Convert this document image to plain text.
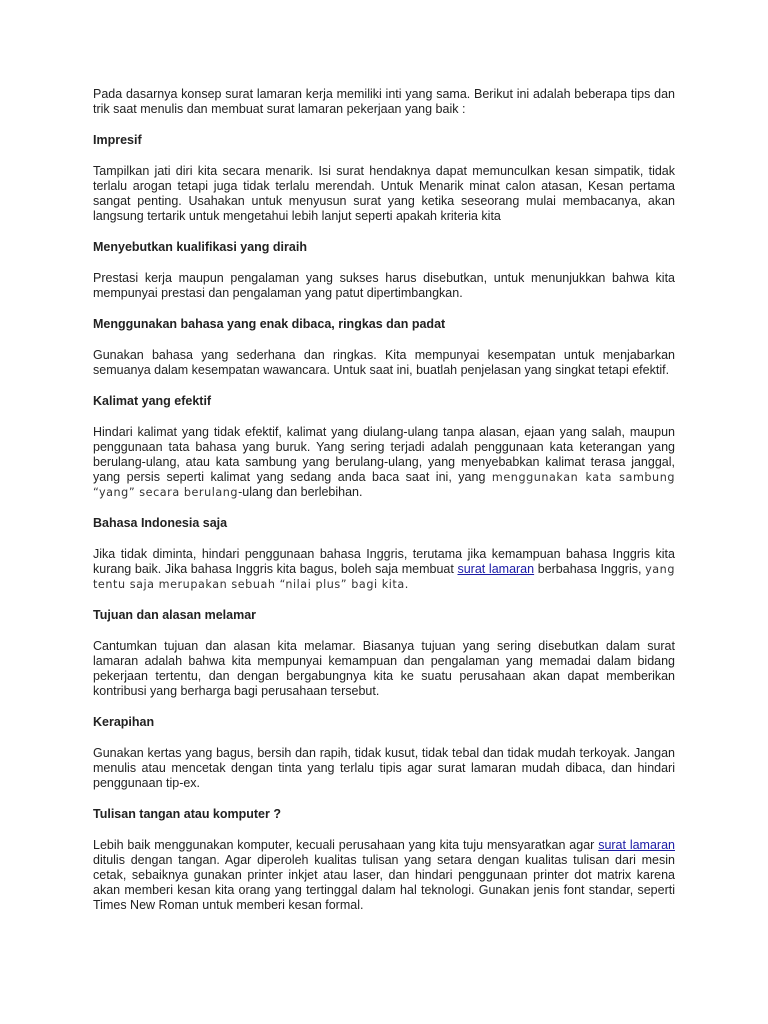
Pada dasarnya konsep surat lamaran kerja memiliki inti yang sama. Berikut ini adalah beberapa tips dan trik saat menulis dan membuat surat lamaran pekerjaan yang baik :

Impresif

Tampilkan jati diri kita secara menarik. Isi surat hendaknya dapat memunculkan kesan simpatik, tidak terlalu arogan tetapi juga tidak terlalu merendah. Untuk Menarik minat calon atasan, Kesan pertama sangat penting. Usahakan untuk menyusun surat yang ketika seseorang mulai membacanya, akan langsung tertarik untuk mengetahui lebih lanjut seperti apakah kriteria kita

Menyebutkan kualifikasi yang diraih

Prestasi kerja maupun pengalaman yang sukses harus disebutkan, untuk menunjukkan bahwa kita mempunyai prestasi dan pengalaman yang patut dipertimbangkan.

Menggunakan bahasa yang enak dibaca, ringkas dan padat

Gunakan bahasa yang sederhana dan ringkas. Kita mempunyai kesempatan untuk menjabarkan semuanya dalam kesempatan wawancara. Untuk saat ini, buatlah penjelasan yang singkat tetapi efektif.

Kalimat yang efektif

Hindari kalimat yang tidak efektif, kalimat yang diulang-ulang tanpa alasan, ejaan yang salah, maupun penggunaan tata bahasa yang buruk. Yang sering terjadi adalah penggunaan kata keterangan yang berulang-ulang, atau kata sambung yang berulang-ulang, yang menyebabkan kalimat terasa janggal, yang persis seperti kalimat yang sedang anda baca saat ini, yang menggunakan kata sambung “yang” secara berulang-ulang dan berlebihan.

Bahasa Indonesia saja

Jika tidak diminta, hindari penggunaan bahasa Inggris, terutama jika kemampuan bahasa Inggris kita kurang baik. Jika bahasa Inggris kita bagus, boleh saja membuat surat lamaran berbahasa Inggris, yang tentu saja merupakan sebuah “nilai plus” bagi kita.

Tujuan dan alasan melamar

Cantumkan tujuan dan alasan kita melamar. Biasanya tujuan yang sering disebutkan dalam surat lamaran adalah bahwa kita mempunyai kemampuan dan pengalaman yang memadai dalam bidang pekerjaan tertentu, dan dengan bergabungnya kita ke suatu perusahaan akan dapat memberikan kontribusi yang berharga bagi perusahaan tersebut.

Kerapihan

Gunakan kertas yang bagus, bersih dan rapih, tidak kusut, tidak tebal dan tidak mudah terkoyak. Jangan menulis atau mencetak dengan tinta yang terlalu tipis agar surat lamaran mudah dibaca, dan hindari penggunaan tip-ex.

Tulisan tangan atau komputer ?

Lebih baik menggunakan komputer, kecuali perusahaan yang kita tuju mensyaratkan agar surat lamaran ditulis dengan tangan. Agar diperoleh kualitas tulisan yang setara dengan kualitas tulisan dari mesin cetak, sebaiknya gunakan printer inkjet atau laser, dan hindari penggunaan printer dot matrix karena akan memberi kesan kita orang yang tertinggal dalam hal teknologi. Gunakan jenis font standar, seperti Times New Roman untuk memberi kesan formal.
